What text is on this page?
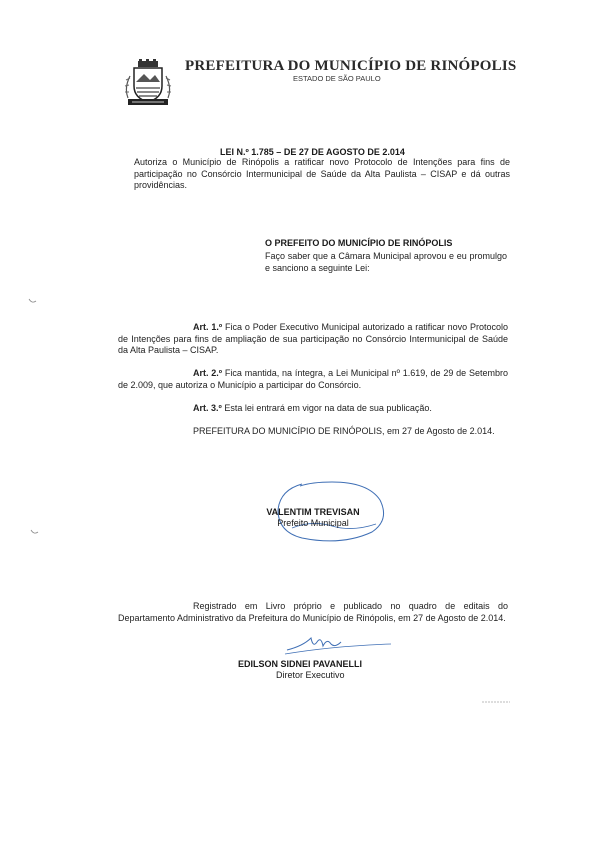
PREFEITURA DO MUNICÍPIO DE RINÓPOLIS
ESTADO DE SÃO PAULO
LEI N.º 1.785 – DE 27 DE AGOSTO DE 2.014
Autoriza o Município de Rinópolis a ratificar novo Protocolo de Intenções para fins de participação no Consórcio Intermunicipal de Saúde da Alta Paulista – CISAP e dá outras providências.
O PREFEITO DO MUNICÍPIO DE RINÓPOLIS
Faço saber que a Câmara Municipal aprovou e eu promulgo e sanciono a seguinte Lei:
Art. 1.º Fica o Poder Executivo Municipal autorizado a ratificar novo Protocolo de Intenções para fins de ampliação de sua participação no Consórcio Intermunicipal de Saúde da Alta Paulista – CISAP.
Art. 2.º Fica mantida, na íntegra, a Lei Municipal nº 1.619, de 29 de Setembro de 2.009, que autoriza o Município a participar do Consórcio.
Art. 3.º Esta lei entrará em vigor na data de sua publicação.
PREFEITURA DO MUNICÍPIO DE RINÓPOLIS, em 27 de Agosto de 2.014.
VALENTIM TREVISAN
Prefeito Municipal
Registrado em Livro próprio e publicado no quadro de editais do Departamento Administrativo da Prefeitura do Município de Rinópolis, em 27 de Agosto de 2.014.
EDILSON SIDNEI PAVANELLI
Diretor Executivo
